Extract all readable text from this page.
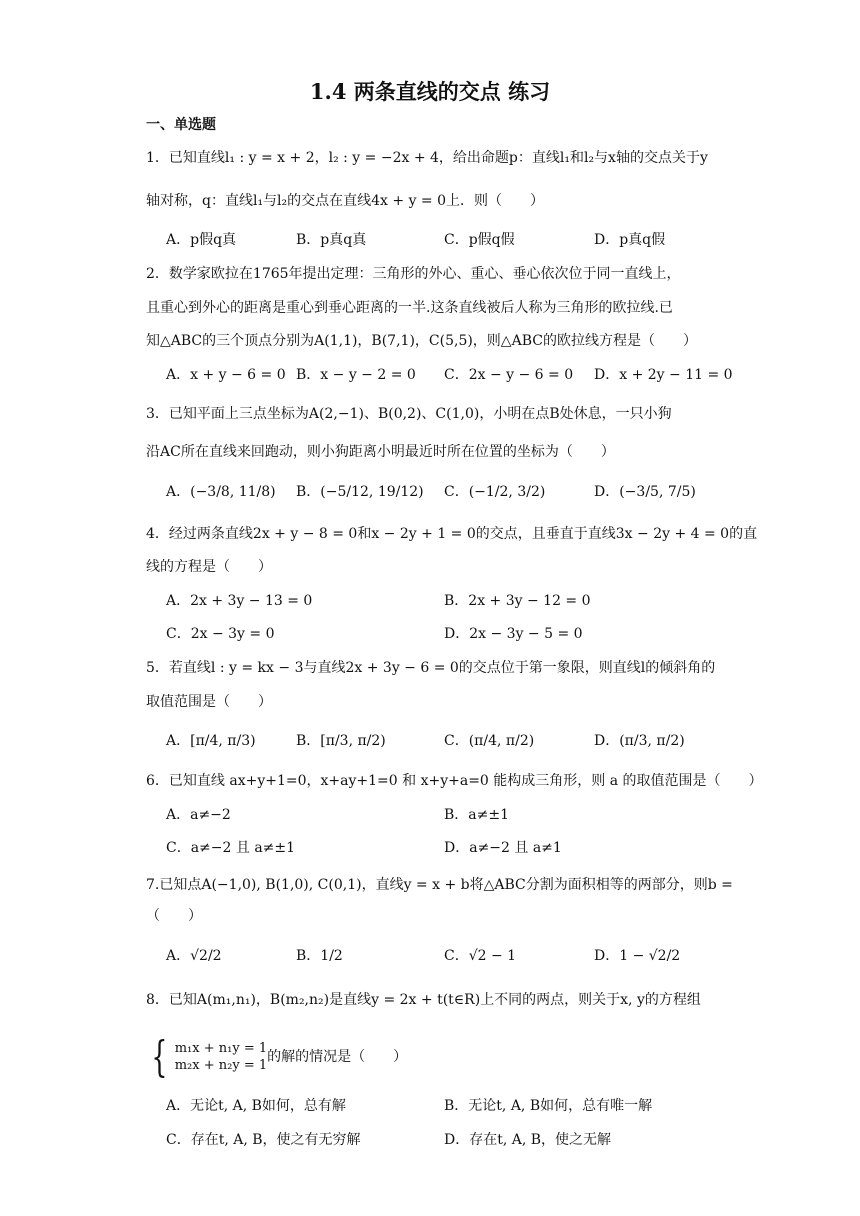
1.4 两条直线的交点 练习
一、单选题
1．已知直线l₁ : y = x + 2，l₂ : y = −2x + 4，给出命题p：直线l₁和l₂与x轴的交点关于y
轴对称，q：直线l₁与l₂的交点在直线4x + y = 0上．则（　　）
A．p假q真	B．p真q真	C．p假q假	D．p真q假
2．数学家欧拉在1765年提出定理：三角形的外心、重心、垂心依次位于同一直线上，
且重心到外心的距离是重心到垂心距离的一半.这条直线被后人称为三角形的欧拉线.已
知△ABC的三个顶点分别为A(1,1)，B(7,1)，C(5,5)，则△ABC的欧拉线方程是（　　）
A．x + y − 6 = 0 B．x − y − 2 = 0 C．2x − y − 6 = 0 D．x + 2y − 11 = 0
3．已知平面上三点坐标为A(2,−1)、B(0,2)、C(1,0)，小明在点B处休息，一只小狗
沿AC所在直线来回跑动，则小狗距离小明最近时所在位置的坐标为（　　）
A．(−3/8, 11/8) B．(−5/12, 19/12) C．(−1/2, 3/2)	D．(−3/5, 7/5)
4．经过两条直线2x + y − 8 = 0和x − 2y + 1 = 0的交点，且垂直于直线3x − 2y + 4 = 0的直
线的方程是（　　）
A．2x + 3y − 13 = 0	B．2x + 3y − 12 = 0
C．2x − 3y = 0	D．2x − 3y − 5 = 0
5．若直线l : y = kx − 3与直线2x + 3y − 6 = 0的交点位于第一象限，则直线l的倾斜角的
取值范围是（　　）
A．[π/4, π/3)	B．[π/3, π/2)	C．(π/4, π/2)	D．(π/3, π/2)
6．已知直线 ax+y+1=0，x+ay+1=0 和 x+y+a=0 能构成三角形，则 a 的取值范围是（　　）
A．a≠−2	B．a≠±1
C．a≠−2 且 a≠±1	D．a≠−2 且 a≠1
7.已知点A(−1,0), B(1,0), C(0,1)，直线y = x + b将△ABC分割为面积相等的两部分，则b =
（　　）
A．√2/2	B．1/2	C．√2 − 1	D．1 − √2/2
8．已知A(m₁,n₁)，B(m₂,n₂)是直线y = 2x + t(t∈R)上不同的两点，则关于x, y的方程组
{ m₁x + n₁y = 1
m₂x + n₂y = 1
的解的情况是（　　）
A．无论t, A, B如何，总有解	B．无论t, A, B如何，总有唯一解
C．存在t, A, B，使之有无穷解	D．存在t, A, B，使之无解
